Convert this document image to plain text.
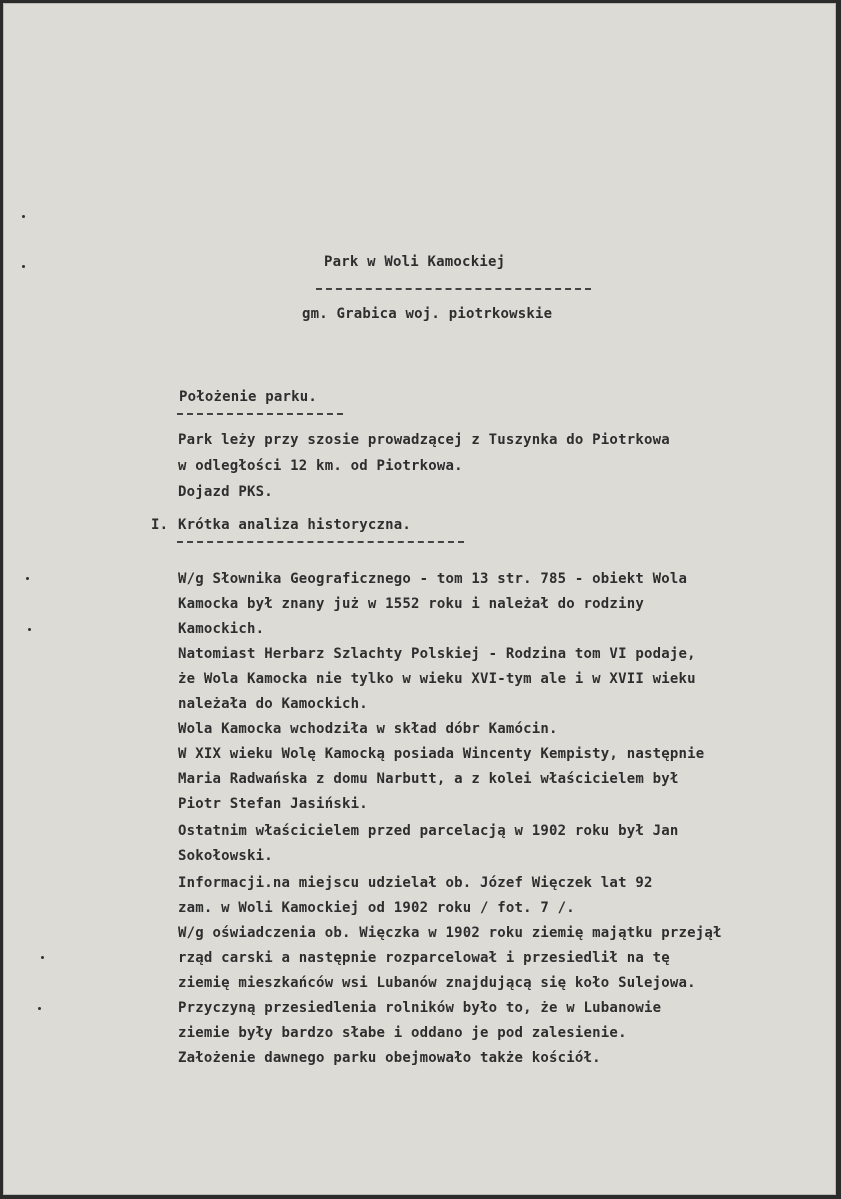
Park w Woli Kamockiej
gm. Grabica woj. piotrkowskie
Położenie parku.
Park leży przy szosie prowadzącej z Tuszynka do Piotrkowa
w odległości 12 km. od Piotrkowa.
Dojazd PKS.
I. Krótka analiza historyczna.
W/g Słownika Geograficznego - tom 13 str. 785 - obiekt Wola
Kamocka był znany już w 1552 roku i należał do rodziny
Kamockich.
Natomiast Herbarz Szlachty Polskiej - Rodzina tom VI podaje,
że Wola Kamocka nie tylko w wieku XVI-tym ale i w XVII wieku
należała do Kamockich.
Wola Kamocka wchodziła w skład dóbr Kamócin.
W XIX wieku Wolę Kamocką posiada Wincenty Kempisty, następnie
Maria Radwańska z domu Narbutt, a z kolei właścicielem był
Piotr Stefan Jasiński.
Ostatnim właścicielem przed parcelacją w 1902 roku był Jan
Sokołowski.
Informacji.na miejscu udzielał ob. Józef Więczek lat 92
zam. w Woli Kamockiej od 1902 roku / fot. 7 /.
W/g oświadczenia ob. Więczka w 1902 roku ziemię majątku przejął
rząd carski a następnie rozparcelował i przesiedlił na tę
ziemię mieszkańców wsi Lubanów znajdującą się koło Sulejowa.
Przyczyną przesiedlenia rolników było to, że w Lubanowie
ziemie były bardzo słabe i oddano je pod zalesienie.
Założenie dawnego parku obejmowało także kościół.
